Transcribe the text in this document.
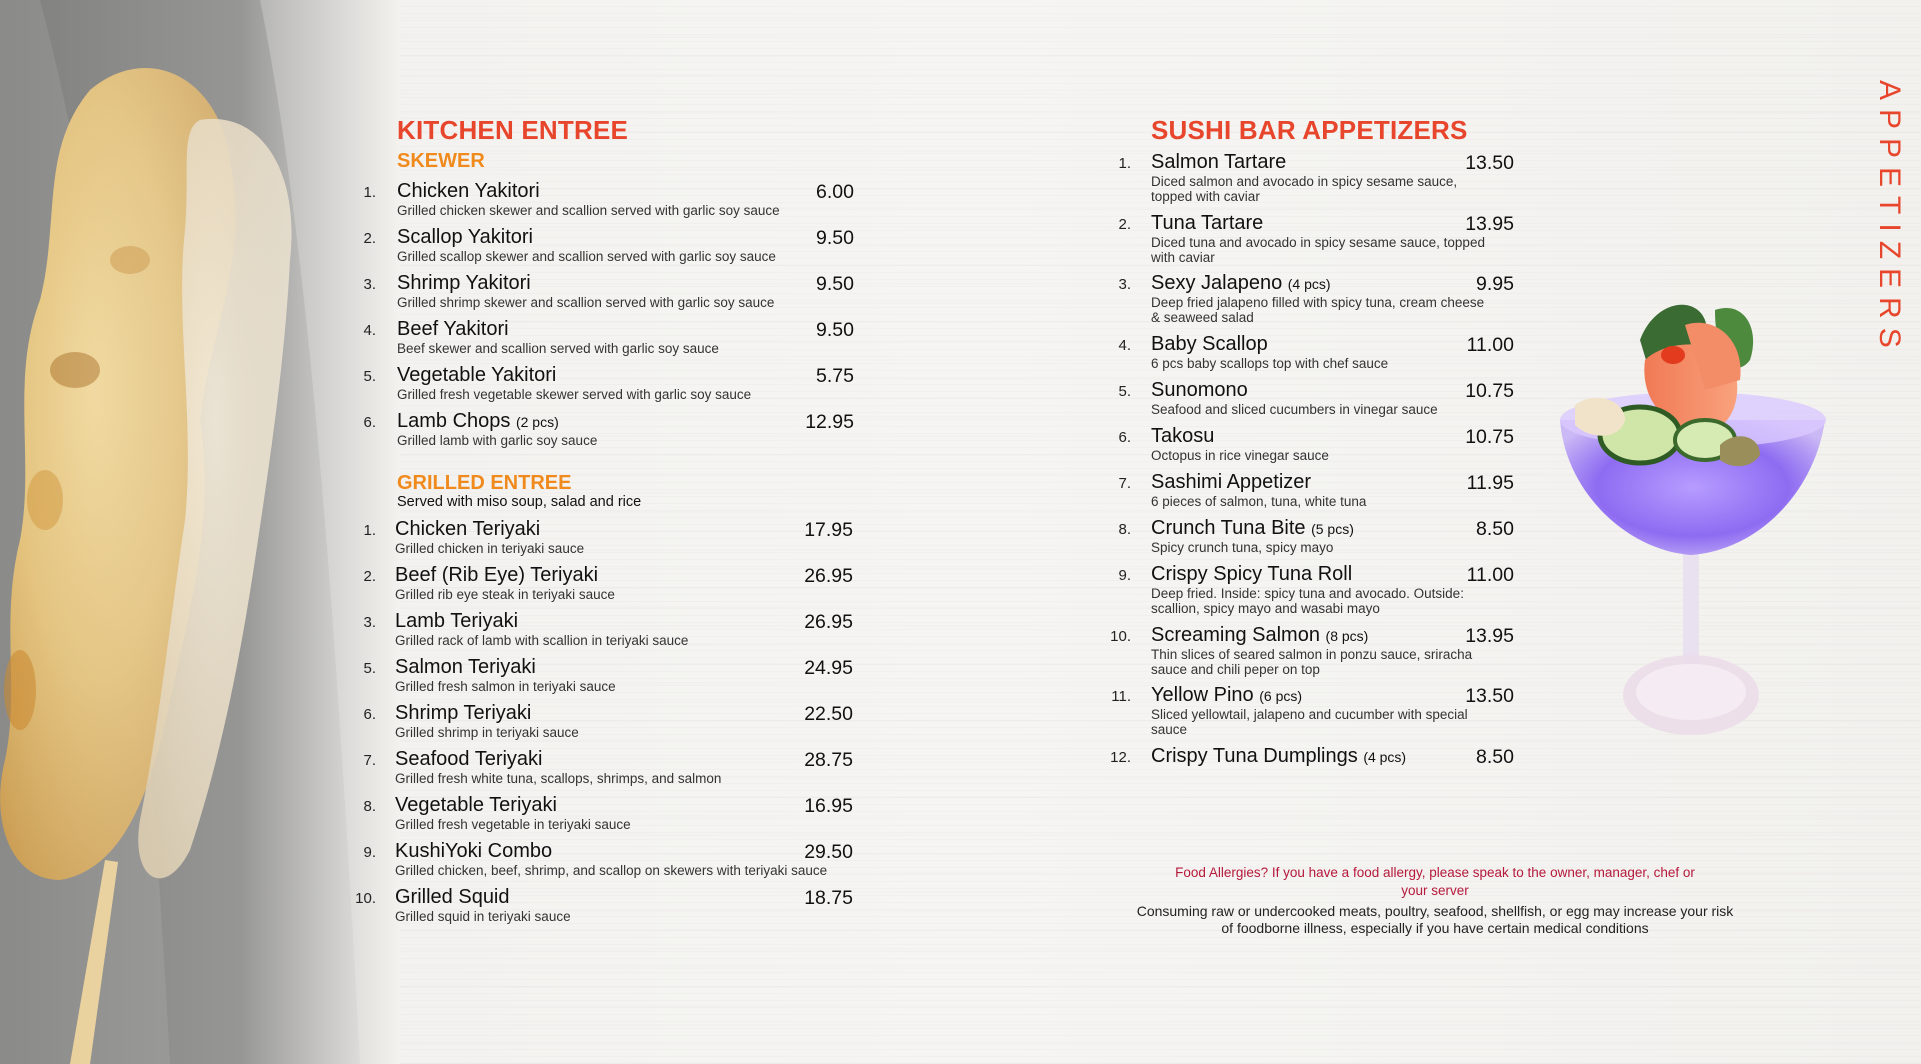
KITCHEN ENTREE
SKEWER
1. Chicken Yakitori
Grilled chicken skewer and scallion served with garlic soy sauce
6.00
2. Scallop Yakitori
Grilled scallop skewer and scallion served with garlic soy sauce
9.50
3. Shrimp Yakitori
Grilled shrimp skewer and scallion served with garlic soy sauce
9.50
4. Beef Yakitori
Beef skewer and scallion served with garlic soy sauce
9.50
5. Vegetable Yakitori
Grilled fresh vegetable skewer served with garlic soy sauce
5.75
6. Lamb Chops (2 pcs)
Grilled lamb with garlic soy sauce
12.95
GRILLED ENTREE
Served with miso soup, salad and rice
1. Chicken Teriyaki
Grilled chicken in teriyaki sauce
17.95
2. Beef (Rib Eye) Teriyaki
Grilled rib eye steak in teriyaki sauce
26.95
3. Lamb Teriyaki
Grilled rack of lamb with scallion in teriyaki sauce
26.95
5. Salmon Teriyaki
Grilled fresh salmon in teriyaki sauce
24.95
6. Shrimp Teriyaki
Grilled shrimp in teriyaki sauce
22.50
7. Seafood Teriyaki
Grilled fresh white tuna, scallops, shrimps, and salmon
28.75
8. Vegetable Teriyaki
Grilled fresh vegetable in teriyaki sauce
16.95
9. KushiYoki Combo
Grilled chicken, beef, shrimp, and scallop on skewers with teriyaki sauce
29.50
10. Grilled Squid
Grilled squid in teriyaki sauce
18.75
SUSHI BAR APPETIZERS
1. Salmon Tartare
Diced salmon and avocado in spicy sesame sauce, topped with caviar
13.50
2. Tuna Tartare
Diced tuna and avocado in spicy sesame sauce, topped with caviar
13.95
3. Sexy Jalapeno (4 pcs)
Deep fried jalapeno filled with spicy tuna, cream cheese & seaweed salad
9.95
4. Baby Scallop
6 pcs baby scallops top with chef sauce
11.00
5. Sunomono
Seafood and sliced cucumbers in vinegar sauce
10.75
6. Takosu
Octopus in rice vinegar sauce
10.75
7. Sashimi Appetizer
6 pieces of salmon, tuna, white tuna
11.95
8. Crunch Tuna Bite (5 pcs)
Spicy crunch tuna, spicy mayo
8.50
9. Crispy Spicy Tuna Roll
Deep fried. Inside: spicy tuna and avocado. Outside: scallion, spicy mayo and wasabi mayo
11.00
10. Screaming Salmon (8 pcs)
Thin slices of seared salmon in ponzu sauce, sriracha sauce and chili peper on top
13.95
11. Yellow Pino (6 pcs)
Sliced yellowtail, jalapeno and cucumber with special sauce
13.50
12. Crispy Tuna Dumplings (4 pcs)	8.50
APPETIZERS
Food Allergies? If you have a food allergy, please speak to the owner, manager, chef or your server
Consuming raw or undercooked meats, poultry, seafood, shellfish, or egg may increase your risk of foodborne illness, especially if you have certain medical conditions
